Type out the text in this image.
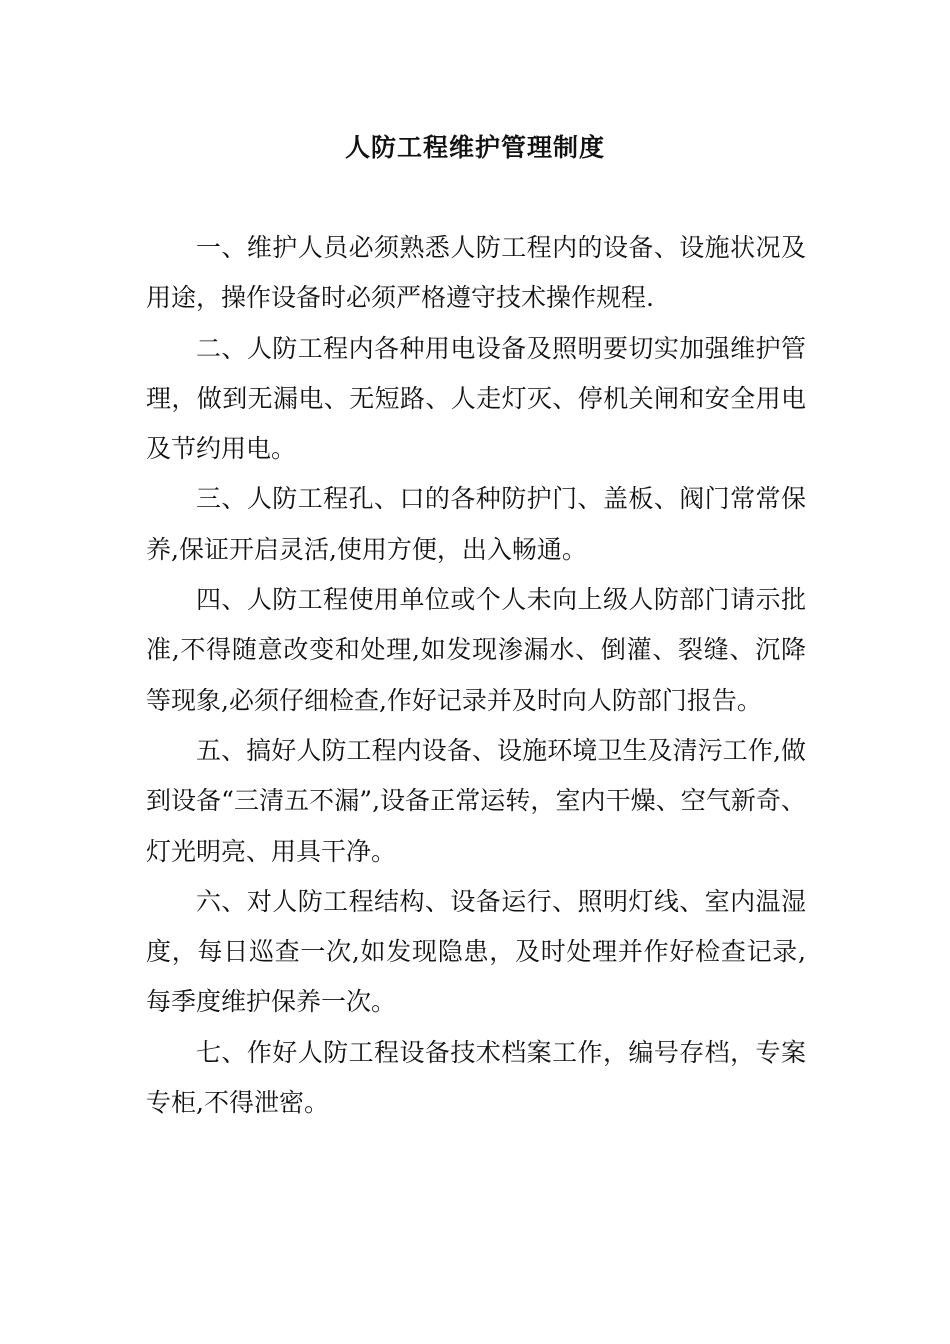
人防工程维护管理制度

一、维护人员必须熟悉人防工程内的设备、设施状况及用途，操作设备时必须严格遵守技术操作规程.

二、人防工程内各种用电设备及照明要切实加强维护管理，做到无漏电、无短路、人走灯灭、停机关闸和安全用电及节约用电。

三、人防工程孔、口的各种防护门、盖板、阀门常常保养,保证开启灵活,使用方便，出入畅通。

四、人防工程使用单位或个人未向上级人防部门请示批准,不得随意改变和处理,如发现渗漏水、倒灌、裂缝、沉降等现象,必须仔细检查,作好记录并及时向人防部门报告。

五、搞好人防工程内设备、设施环境卫生及清污工作,做到设备“三清五不漏”,设备正常运转，室内干燥、空气新奇、灯光明亮、用具干净。

六、对人防工程结构、设备运行、照明灯线、室内温湿度，每日巡查一次,如发现隐患，及时处理并作好检查记录,每季度维护保养一次。

七、作好人防工程设备技术档案工作，编号存档，专案专柜,不得泄密。
